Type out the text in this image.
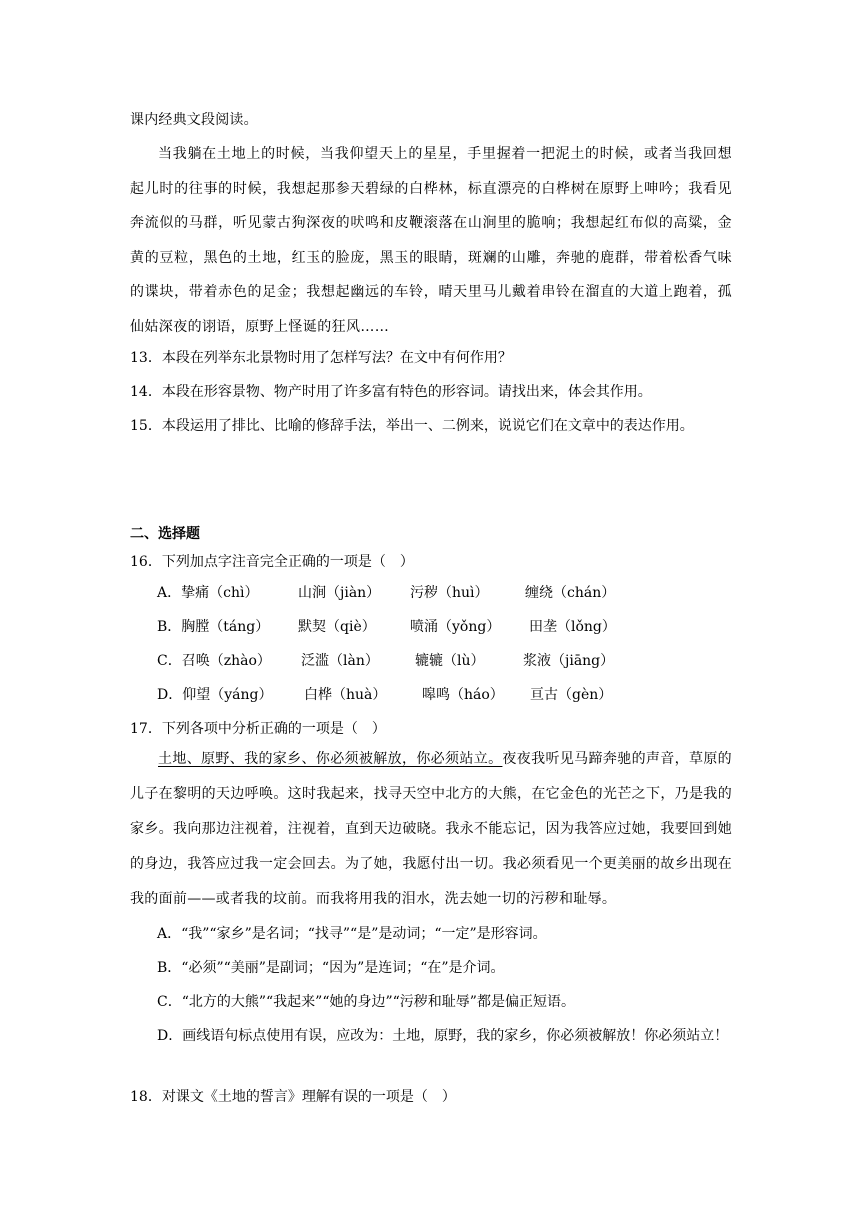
课内经典文段阅读。
当我躺在土地上的时候，当我仰望天上的星星，手里握着一把泥土的时候，或者当我回想起儿时的往事的时候，我想起那参天碧绿的白桦林，标直漂亮的白桦树在原野上呻吟；我看见奔流似的马群，听见蒙古狗深夜的吠鸣和皮鞭滚落在山涧里的脆响；我想起红布似的高粱，金黄的豆粒，黑色的土地，红玉的脸庞，黑玉的眼睛，斑斓的山雕，奔驰的鹿群，带着松香气味的谍块，带着赤色的足金；我想起幽远的车铃，晴天里马儿戴着串铃在溜直的大道上跑着，孤仙姑深夜的诩语，原野上怪诞的狂风……
13．本段在列举东北景物时用了怎样写法？在文中有何作用？
14．本段在形容景物、物产时用了许多富有特色的形容词。请找出来，体会其作用。
15．本段运用了排比、比喻的修辞手法，举出一、二例来，说说它们在文章中的表达作用。
二、选择题
16．下列加点字注音完全正确的一项是（　）
A．挚痛（chì）	山涧（jiàn） 污秽（huì）	缠绕（chán）
B．胸膛（táng） 默契（qiè） 喷涌（yǒng） 田垄（lǒng）
C．召唤（zhào） 泛滥（làn）	辘辘（lù）	浆液（jiāng）
D．仰望（yáng） 白桦（huà）	嗥鸣（háo） 亘古（gèn）
17．下列各项中分析正确的一项是（　）
土地、原野、我的家乡、你必须被解放，你必须站立。夜夜我听见马蹄奔驰的声音，草原的儿子在黎明的天边呼唤。这时我起来，找寻天空中北方的大熊，在它金色的光芒之下，乃是我的家乡。我向那边注视着，注视着，直到天边破晓。我永不能忘记，因为我答应过她，我要回到她的身边，我答应过我一定会回去。为了她，我愿付出一切。我必须看见一个更美丽的故乡出现在我的面前——或者我的坟前。而我将用我的泪水，洗去她一切的污秽和耻辱。
A．“我”“家乡”是名词；“找寻”“是”是动词；“一定”是形容词。
B．“必须”“美丽”是副词；“因为”是连词；“在”是介词。
C．“北方的大熊”“我起来”“她的身边”“污秽和耻辱”都是偏正短语。
D．画线语句标点使用有误，应改为：土地，原野，我的家乡，你必须被解放！你必须站立！
18．对课文《土地的誓言》理解有误的一项是（　）
